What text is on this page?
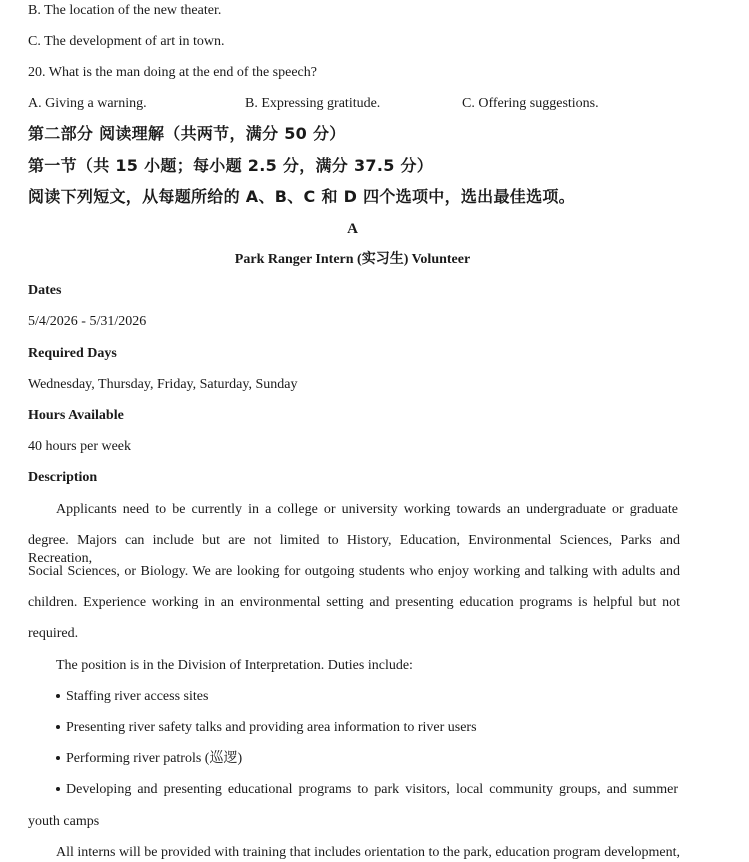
B. The location of the new theater.
C. The development of art in town.
20. What is the man doing at the end of the speech?
A. Giving a warning.	B. Expressing gratitude.	C. Offering suggestions.
第二部分 阅读理解（共两节，满分 50 分）
第一节（共 15 小题；每小题 2.5 分，满分 37.5 分）
阅读下列短文，从每题所给的 A、B、C 和 D 四个选项中，选出最佳选项。
A
Park Ranger Intern (实习生) Volunteer
Dates
5/4/2026 - 5/31/2026
Required Days
Wednesday, Thursday, Friday, Saturday, Sunday
Hours Available
40 hours per week
Description
Applicants need to be currently in a college or university working towards an undergraduate or graduate
degree. Majors can include but are not limited to History, Education, Environmental Sciences, Parks and Recreation,
Social Sciences, or Biology. We are looking for outgoing students who enjoy working and talking with adults and
children. Experience working in an environmental setting and presenting education programs is helpful but not
required.
The position is in the Division of Interpretation. Duties include:
Staffing river access sites
Presenting river safety talks and providing area information to river users
Performing river patrols (巡逻)
Developing and presenting educational programs to park visitors, local community groups, and summer
youth camps
All interns will be provided with training that includes orientation to the park, education program development,
